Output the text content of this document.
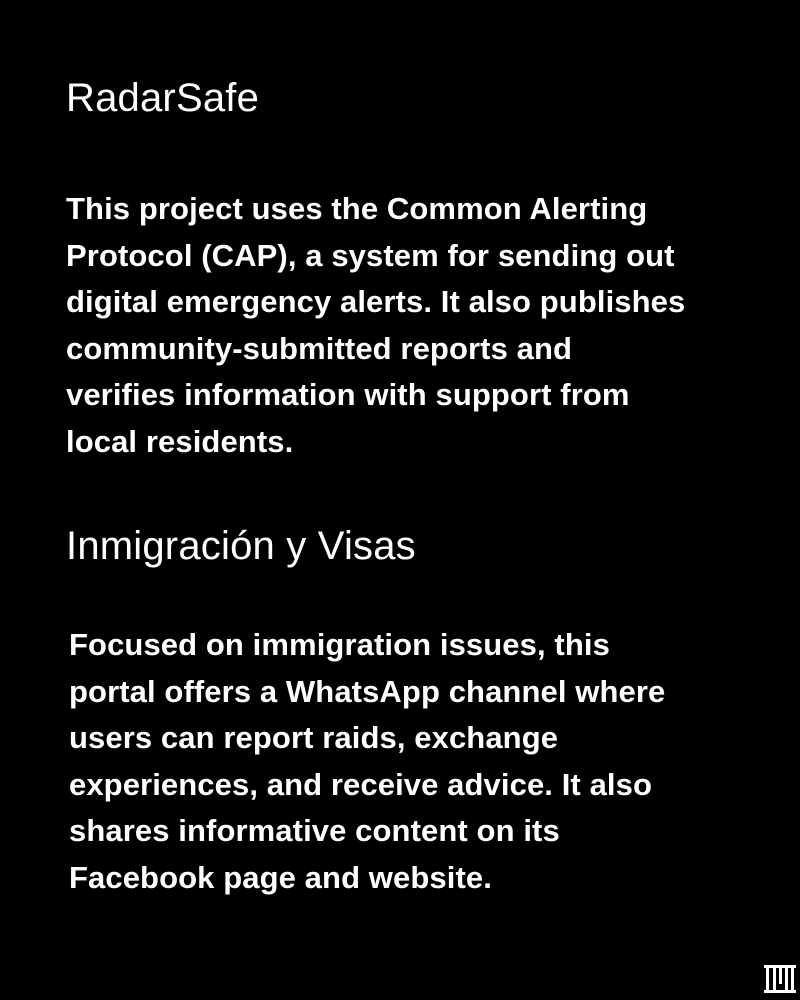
RadarSafe

This project uses the Common Alerting
Protocol (CAP), a system for sending out
digital emergency alerts. It also publishes
community-submitted reports and
verifies information with support from
local residents.

Inmigración y Visas

Focused on immigration issues, this
portal offers a WhatsApp channel where
users can report raids, exchange
experiences, and receive advice. It also
shares informative content on its
Facebook page and website.
